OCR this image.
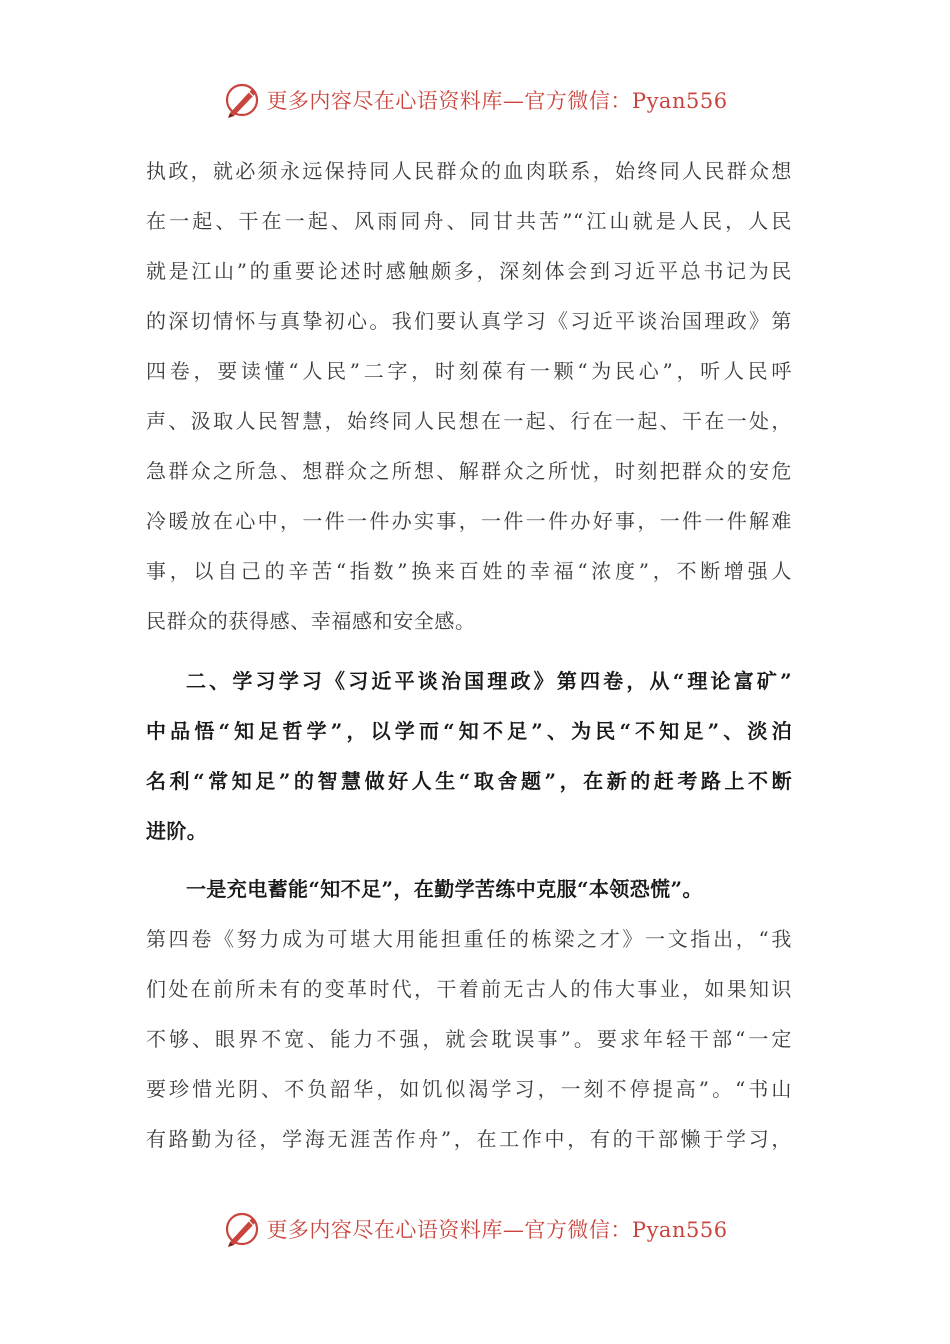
更多内容尽在心语资料库—官方微信：Pyan556
执政，就必须永远保持同人民群众的血肉联系，始终同人民群众想
在一起、干在一起、风雨同舟、同甘共苦”“江山就是人民，人民
就是江山”的重要论述时感触颇多，深刻体会到习近平总书记为民
的深切情怀与真挚初心。我们要认真学习《习近平谈治国理政》第
四卷，要读懂“人民”二字，时刻葆有一颗“为民心”，听人民呼
声、汲取人民智慧，始终同人民想在一起、行在一起、干在一处，
急群众之所急、想群众之所想、解群众之所忧，时刻把群众的安危
冷暖放在心中，一件一件办实事，一件一件办好事，一件一件解难
事，以自己的辛苦“指数”换来百姓的幸福“浓度”，不断增强人
民群众的获得感、幸福感和安全感。
二、学习学习《习近平谈治国理政》第四卷，从“理论富矿”
中品悟“知足哲学”，以学而“知不足”、为民“不知足”、淡泊
名利“常知足”的智慧做好人生“取舍题”，在新的赶考路上不断
进阶。
一是充电蓄能“知不足”，在勤学苦练中克服“本领恐慌”。
第四卷《努力成为可堪大用能担重任的栋梁之才》一文指出，“我
们处在前所未有的变革时代，干着前无古人的伟大事业，如果知识
不够、眼界不宽、能力不强，就会耽误事”。要求年轻干部“一定
要珍惜光阴、不负韶华，如饥似渴学习，一刻不停提高”。“书山
有路勤为径，学海无涯苦作舟”，在工作中，有的干部懒于学习，
更多内容尽在心语资料库—官方微信：Pyan556
